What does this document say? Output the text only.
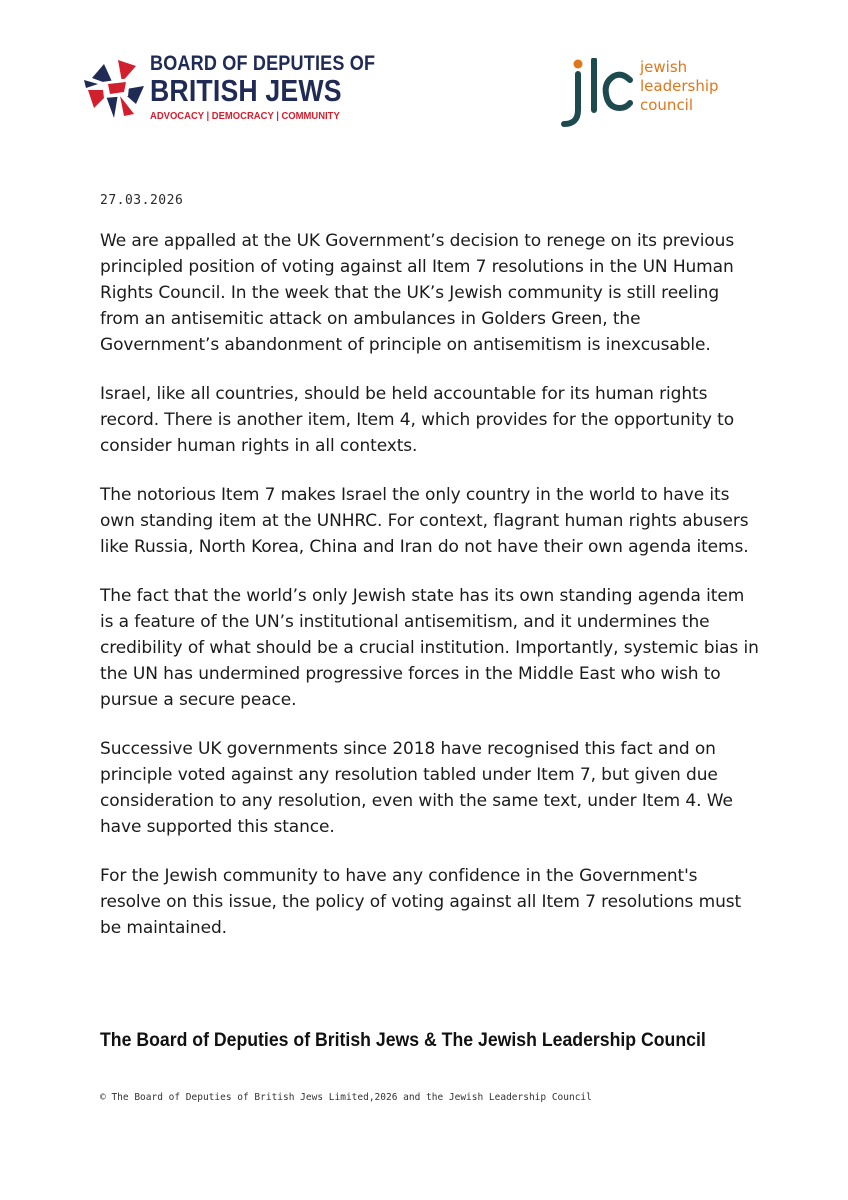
BOARD OF DEPUTIES OF
BRITISH JEWS
ADVOCACY | DEMOCRACY | COMMUNITY
jewish
leadership
council
27.03.2026

We are appalled at the UK Government’s decision to renege on its previous principled position of voting against all Item 7 resolutions in the UN Human Rights Council. In the week that the UK’s Jewish community is still reeling from an antisemitic attack on ambulances in Golders Green, the Government’s abandonment of principle on antisemitism is inexcusable.

Israel, like all countries, should be held accountable for its human rights record. There is another item, Item 4, which provides for the opportunity to consider human rights in all contexts.

The notorious Item 7 makes Israel the only country in the world to have its own standing item at the UNHRC. For context, flagrant human rights abusers like Russia, North Korea, China and Iran do not have their own agenda items.

The fact that the world’s only Jewish state has its own standing agenda item is a feature of the UN’s institutional antisemitism, and it undermines the credibility of what should be a crucial institution. Importantly, systemic bias in the UN has undermined progressive forces in the Middle East who wish to pursue a secure peace.

Successive UK governments since 2018 have recognised this fact and on principle voted against any resolution tabled under Item 7, but given due consideration to any resolution, even with the same text, under Item 4. We have supported this stance.

For the Jewish community to have any confidence in the Government's resolve on this issue, the policy of voting against all Item 7 resolutions must be maintained.

The Board of Deputies of British Jews & The Jewish Leadership Council
© The Board of Deputies of British Jews Limited,2026 and the Jewish Leadership Council
